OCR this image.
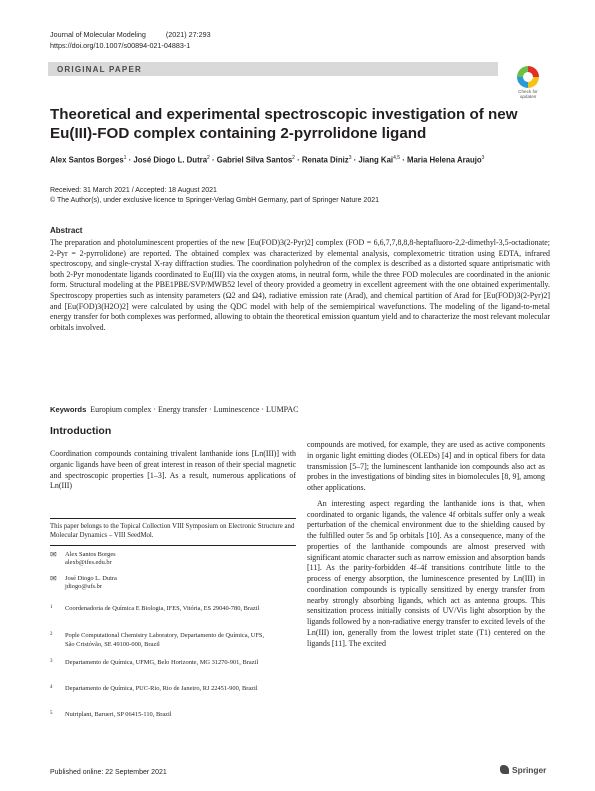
Journal of Molecular Modeling	(2021) 27:293
https://doi.org/10.1007/s00894-021-04883-1
ORIGINAL PAPER
Check for updates
Theoretical and experimental spectroscopic investigation of new Eu(III)-FOD complex containing 2-pyrrolidone ligand
Alex Santos Borges$^1$ · José Diogo L. Dutra$^2$ · Gabriel Silva Santos$^2$ · Renata Diniz$^3$ · Jiang Kai$^{4,5}$ · Maria Helena Araujo$^3$
Received: 31 March 2021 / Accepted: 18 August 2021
© The Author(s), under exclusive licence to Springer-Verlag GmbH Germany, part of Springer Nature 2021
Abstract
The preparation and photoluminescent properties of the new [Eu(FOD)3(2-Pyr)2] complex (FOD = 6,6,7,7,8,8,8-heptafluoro-2,2-dimethyl-3,5-octadionate; 2-Pyr = 2-pyrrolidone) are reported. The obtained complex was characterized by elemental analysis, complexometric titration using EDTA, infrared spectroscopy, and single-crystal X-ray diffraction studies. The coordination polyhedron of the complex is described as a distorted square antiprismatic with both 2-Pyr monodentate ligands coordinated to Eu(III) via the oxygen atoms, in neutral form, while the three FOD molecules are coordinated in the anionic form. Structural modeling at the PBE1PBE/SVP/MWB52 level of theory provided a geometry in excellent agreement with the one obtained experimentally. Spectroscopy properties such as intensity parameters (Ω2 and Ω4), radiative emission rate (Arad), and chemical partition of Arad for [Eu(FOD)3(2-Pyr)2] and [Eu(FOD)3(H2O)2] were calculated by using the QDC model with help of the semiempirical wavefunctions. The modeling of the ligand-to-metal energy transfer for both complexes was performed, allowing to obtain the theoretical emission quantum yield and to characterize the most relevant molecular orbitals involved.
Keywords Europium complex · Energy transfer · Luminescence · LUMPAC
Introduction

Coordination compounds containing trivalent lanthanide ions [Ln(III)] with organic ligands have been of great interest in reason of their special magnetic and spectroscopic properties [1–3]. As a result, numerous applications of Ln(III)

This paper belongs to the Topical Collection VIII Symposium on Electronic Structure and Molecular Dynamics – VIII SeedMol.
✉	Alex Santos Borges
alexb@ifes.edu.br
✉	José Diogo L. Dutra
jdiogo@ufs.br
1 Coordenadoria de Química E Biologia, IFES, Vitória, ES 29040-780, Brazil
2 Pople Computational Chemistry Laboratory, Departamento de Química, UFS, São Cristóvão, SE 49100-000, Brazil
3 Departamento de Química, UFMG, Belo Horizonte, MG 31270-901, Brazil
4 Departamento de Química, PUC-Rio, Rio de Janeiro, RJ 22451-900, Brazil
5 Nutriplant, Barueri, SP 06415-110, Brazil

compounds are motived, for example, they are used as active components in organic light emitting diodes (OLEDs) [4] and in optical fibers for data transmission [5–7]; the luminescent lanthanide ion compounds also act as probes in the investigations of binding sites in biomolecules [8, 9], among other applications.

An interesting aspect regarding the lanthanide ions is that, when coordinated to organic ligands, the valence 4f orbitals suffer only a weak perturbation of the chemical environment due to the shielding caused by the fulfilled outer 5s and 5p orbitals [10]. As a consequence, many of the properties of the lanthanide compounds are almost preserved with significant atomic character such as narrow emission and absorption bands [11]. As the parity-forbidden 4f–4f transitions contribute little to the process of energy absorption, the luminescence presented by Ln(III) in coordination compounds is typically sensitized by energy transfer from nearby strongly absorbing ligands, which act as antenna groups. This sensitization process initially consists of UV/Vis light absorption by the ligands followed by a non-radiative energy transfer to excited levels of the Ln(III) ion, generally from the lowest triplet state (T1) centered on the ligands [11]. The excited

Published online: 22 September 2021	Springer
